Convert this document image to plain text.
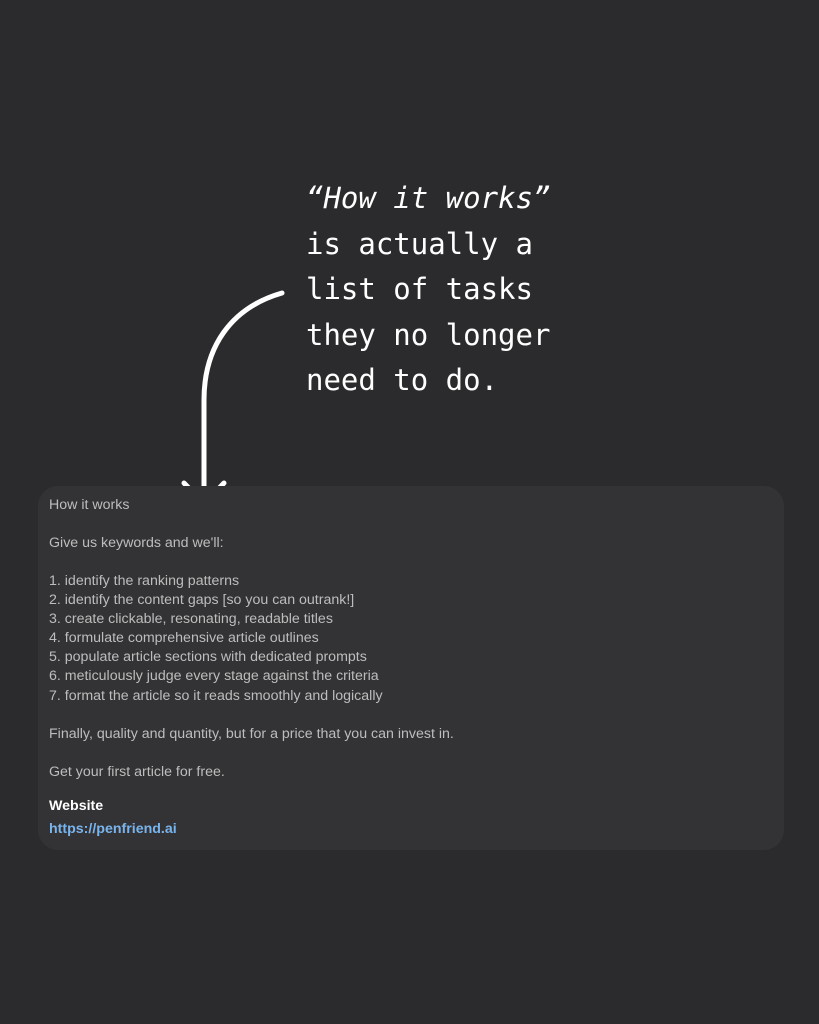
“How it works”
is actually a
list of tasks
they no longer
need to do.

How it works

Give us keywords and we'll:

1. identify the ranking patterns
2. identify the content gaps [so you can outrank!]
3. create clickable, resonating, readable titles
4. formulate comprehensive article outlines
5. populate article sections with dedicated prompts
6. meticulously judge every stage against the criteria
7. format the article so it reads smoothly and logically

Finally, quality and quantity, but for a price that you can invest in.

Get your first article for free.

Website

https://penfriend.ai
